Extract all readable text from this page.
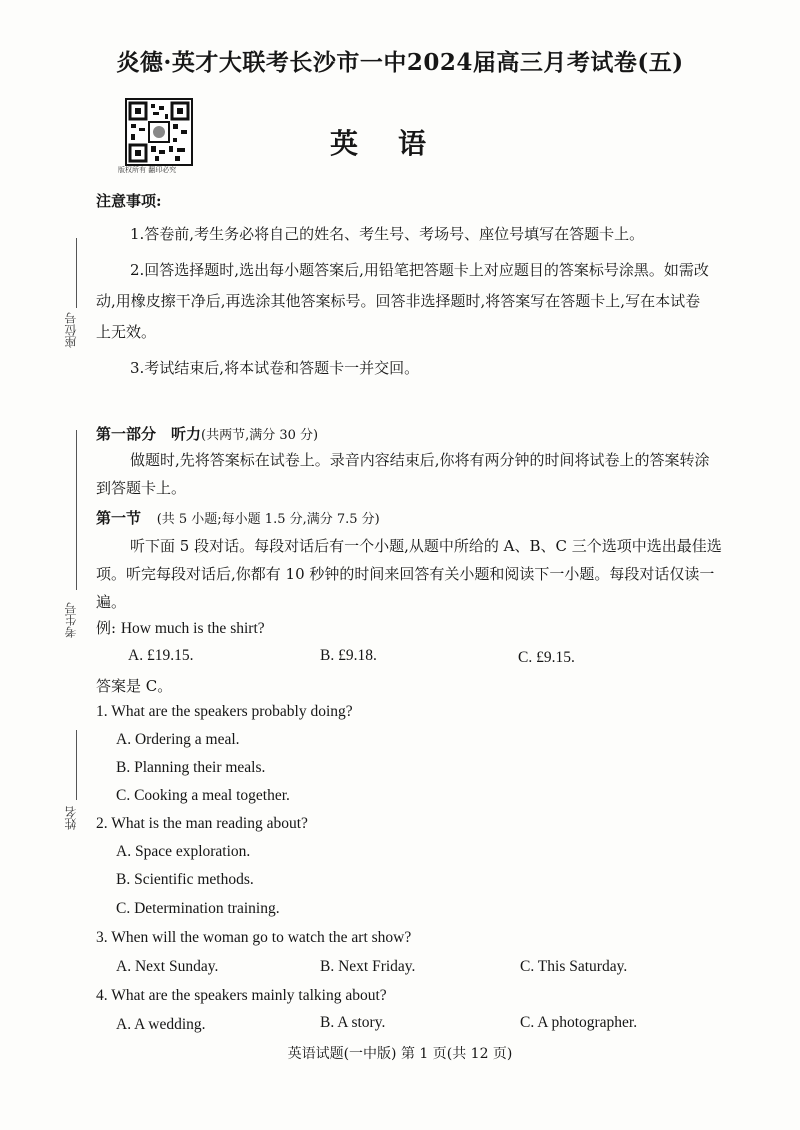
炎德·英才大联考长沙市一中2024届高三月考试卷(五)
版权所有 翻印必究
英语
座位号
考生号
姓名
注意事项:
1.答卷前,考生务必将自己的姓名、考生号、考场号、座位号填写在答题卡上。
2.回答选择题时,选出每小题答案后,用铅笔把答题卡上对应题目的答案标号涂黑。如需改
动,用橡皮擦干净后,再选涂其他答案标号。回答非选择题时,将答案写在答题卡上,写在本试卷
上无效。
3.考试结束后,将本试卷和答题卡一并交回。
第一部分　听力(共两节,满分 30 分)
做题时,先将答案标在试卷上。录音内容结束后,你将有两分钟的时间将试卷上的答案转涂
到答题卡上。
第一节 (共 5 小题;每小题 1.5 分,满分 7.5 分)
听下面 5 段对话。每段对话后有一个小题,从题中所给的 A、B、C 三个选项中选出最佳选
项。听完每段对话后,你都有 10 秒钟的时间来回答有关小题和阅读下一小题。每段对话仅读一
遍。
例: How much is the shirt?
A. £19.15.	B. £9.18.	C. £9.15.
答案是 C。
1. What are the speakers probably doing?
A. Ordering a meal.
B. Planning their meals.
C. Cooking a meal together.
2. What is the man reading about?
A. Space exploration.
B. Scientific methods.
C. Determination training.
3. When will the woman go to watch the art show?
A. Next Sunday.	B. Next Friday.	C. This Saturday.
4. What are the speakers mainly talking about?
A. A wedding.	B. A story.	C. A photographer.
英语试题(一中版) 第 1 页(共 12 页)
